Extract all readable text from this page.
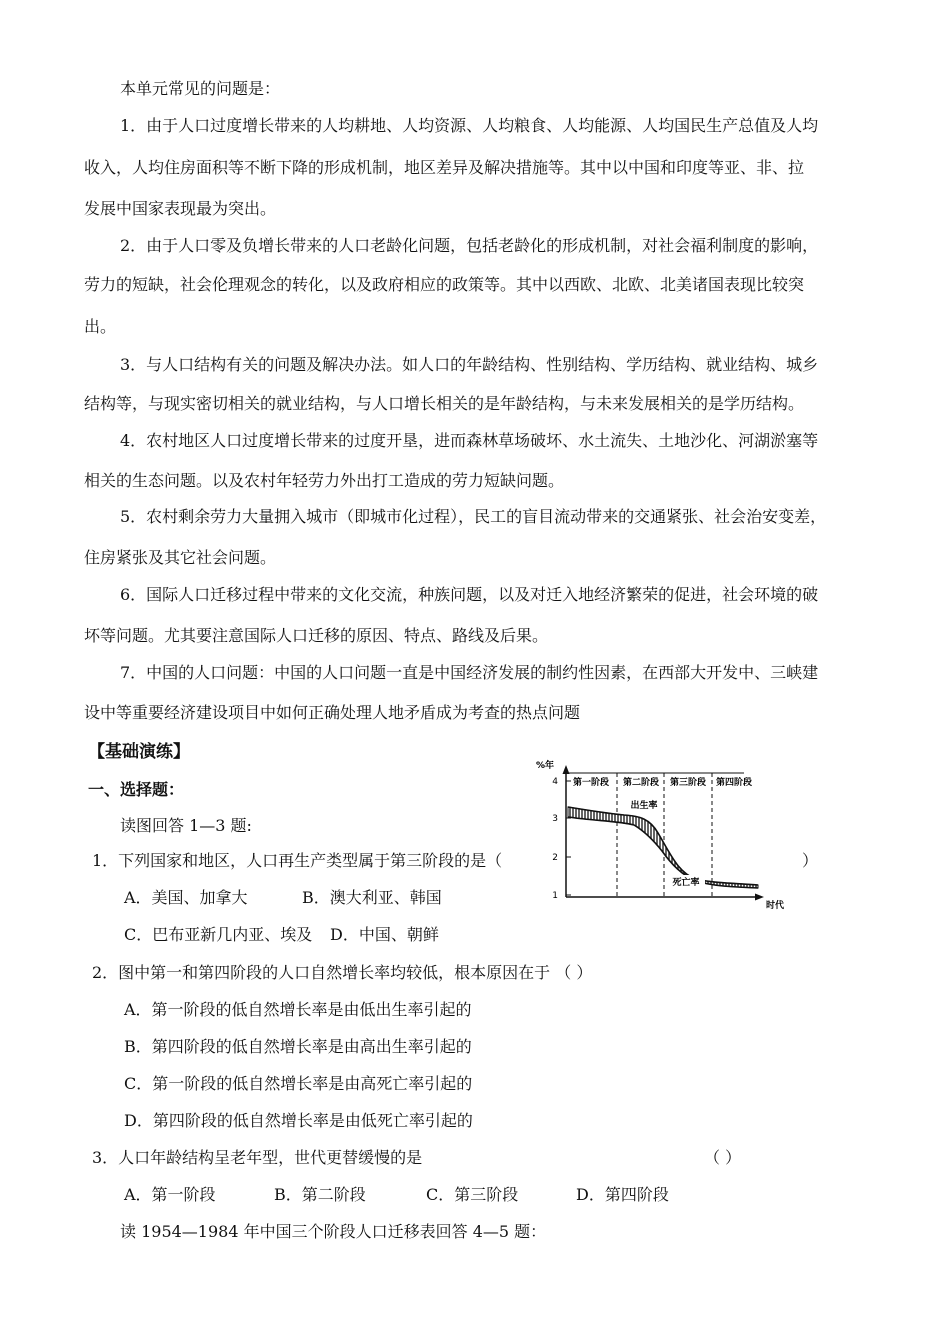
本单元常见的问题是：
1．由于人口过度增长带来的人均耕地、人均资源、人均粮食、人均能源、人均国民生产总值及人均
收入，人均住房面积等不断下降的形成机制，地区差异及解决措施等。其中以中国和印度等亚、非、拉
发展中国家表现最为突出。
2．由于人口零及负增长带来的人口老龄化问题，包括老龄化的形成机制，对社会福利制度的影响，
劳力的短缺，社会伦理观念的转化，以及政府相应的政策等。其中以西欧、北欧、北美诸国表现比较突
出。
3．与人口结构有关的问题及解决办法。如人口的年龄结构、性别结构、学历结构、就业结构、城乡
结构等，与现实密切相关的就业结构，与人口增长相关的是年龄结构，与未来发展相关的是学历结构。
4．农村地区人口过度增长带来的过度开垦，进而森林草场破坏、水土流失、土地沙化、河湖淤塞等
相关的生态问题。以及农村年轻劳力外出打工造成的劳力短缺问题。
5．农村剩余劳力大量拥入城市（即城市化过程），民工的盲目流动带来的交通紧张、社会治安变差，
住房紧张及其它社会问题。
6．国际人口迁移过程中带来的文化交流，种族问题，以及对迁入地经济繁荣的促进，社会环境的破
坏等问题。尤其要注意国际人口迁移的原因、特点、路线及后果。
7．中国的人口问题：中国的人口问题一直是中国经济发展的制约性因素，在西部大开发中、三峡建
设中等重要经济建设项目中如何正确处理人地矛盾成为考查的热点问题
【基础演练】
一、选择题：
读图回答 1—3 题:
1．下列国家和地区，人口再生产类型属于第三阶段的是（	）
A．美国、加拿大	B．澳大利亚、韩国
C．巴布亚新几内亚、埃及 D．中国、朝鲜
2．图中第一和第四阶段的人口自然增长率均较低，根本原因在于 （ ）
A．第一阶段的低自然增长率是由低出生率引起的
B．第四阶段的低自然增长率是由高出生率引起的
C．第一阶段的低自然增长率是由高死亡率引起的
D．第四阶段的低自然增长率是由低死亡率引起的
3．人口年龄结构呈老年型，世代更替缓慢的是	（ ）
A．第一阶段	B．第二阶段	C．第三阶段	D．第四阶段
读 1954—1984 年中国三个阶段人口迁移表回答 4—5 题：
4
3
2
1
%年
时代
第一阶段 第二阶段 第三阶段 第四阶段
出生率
死亡率
